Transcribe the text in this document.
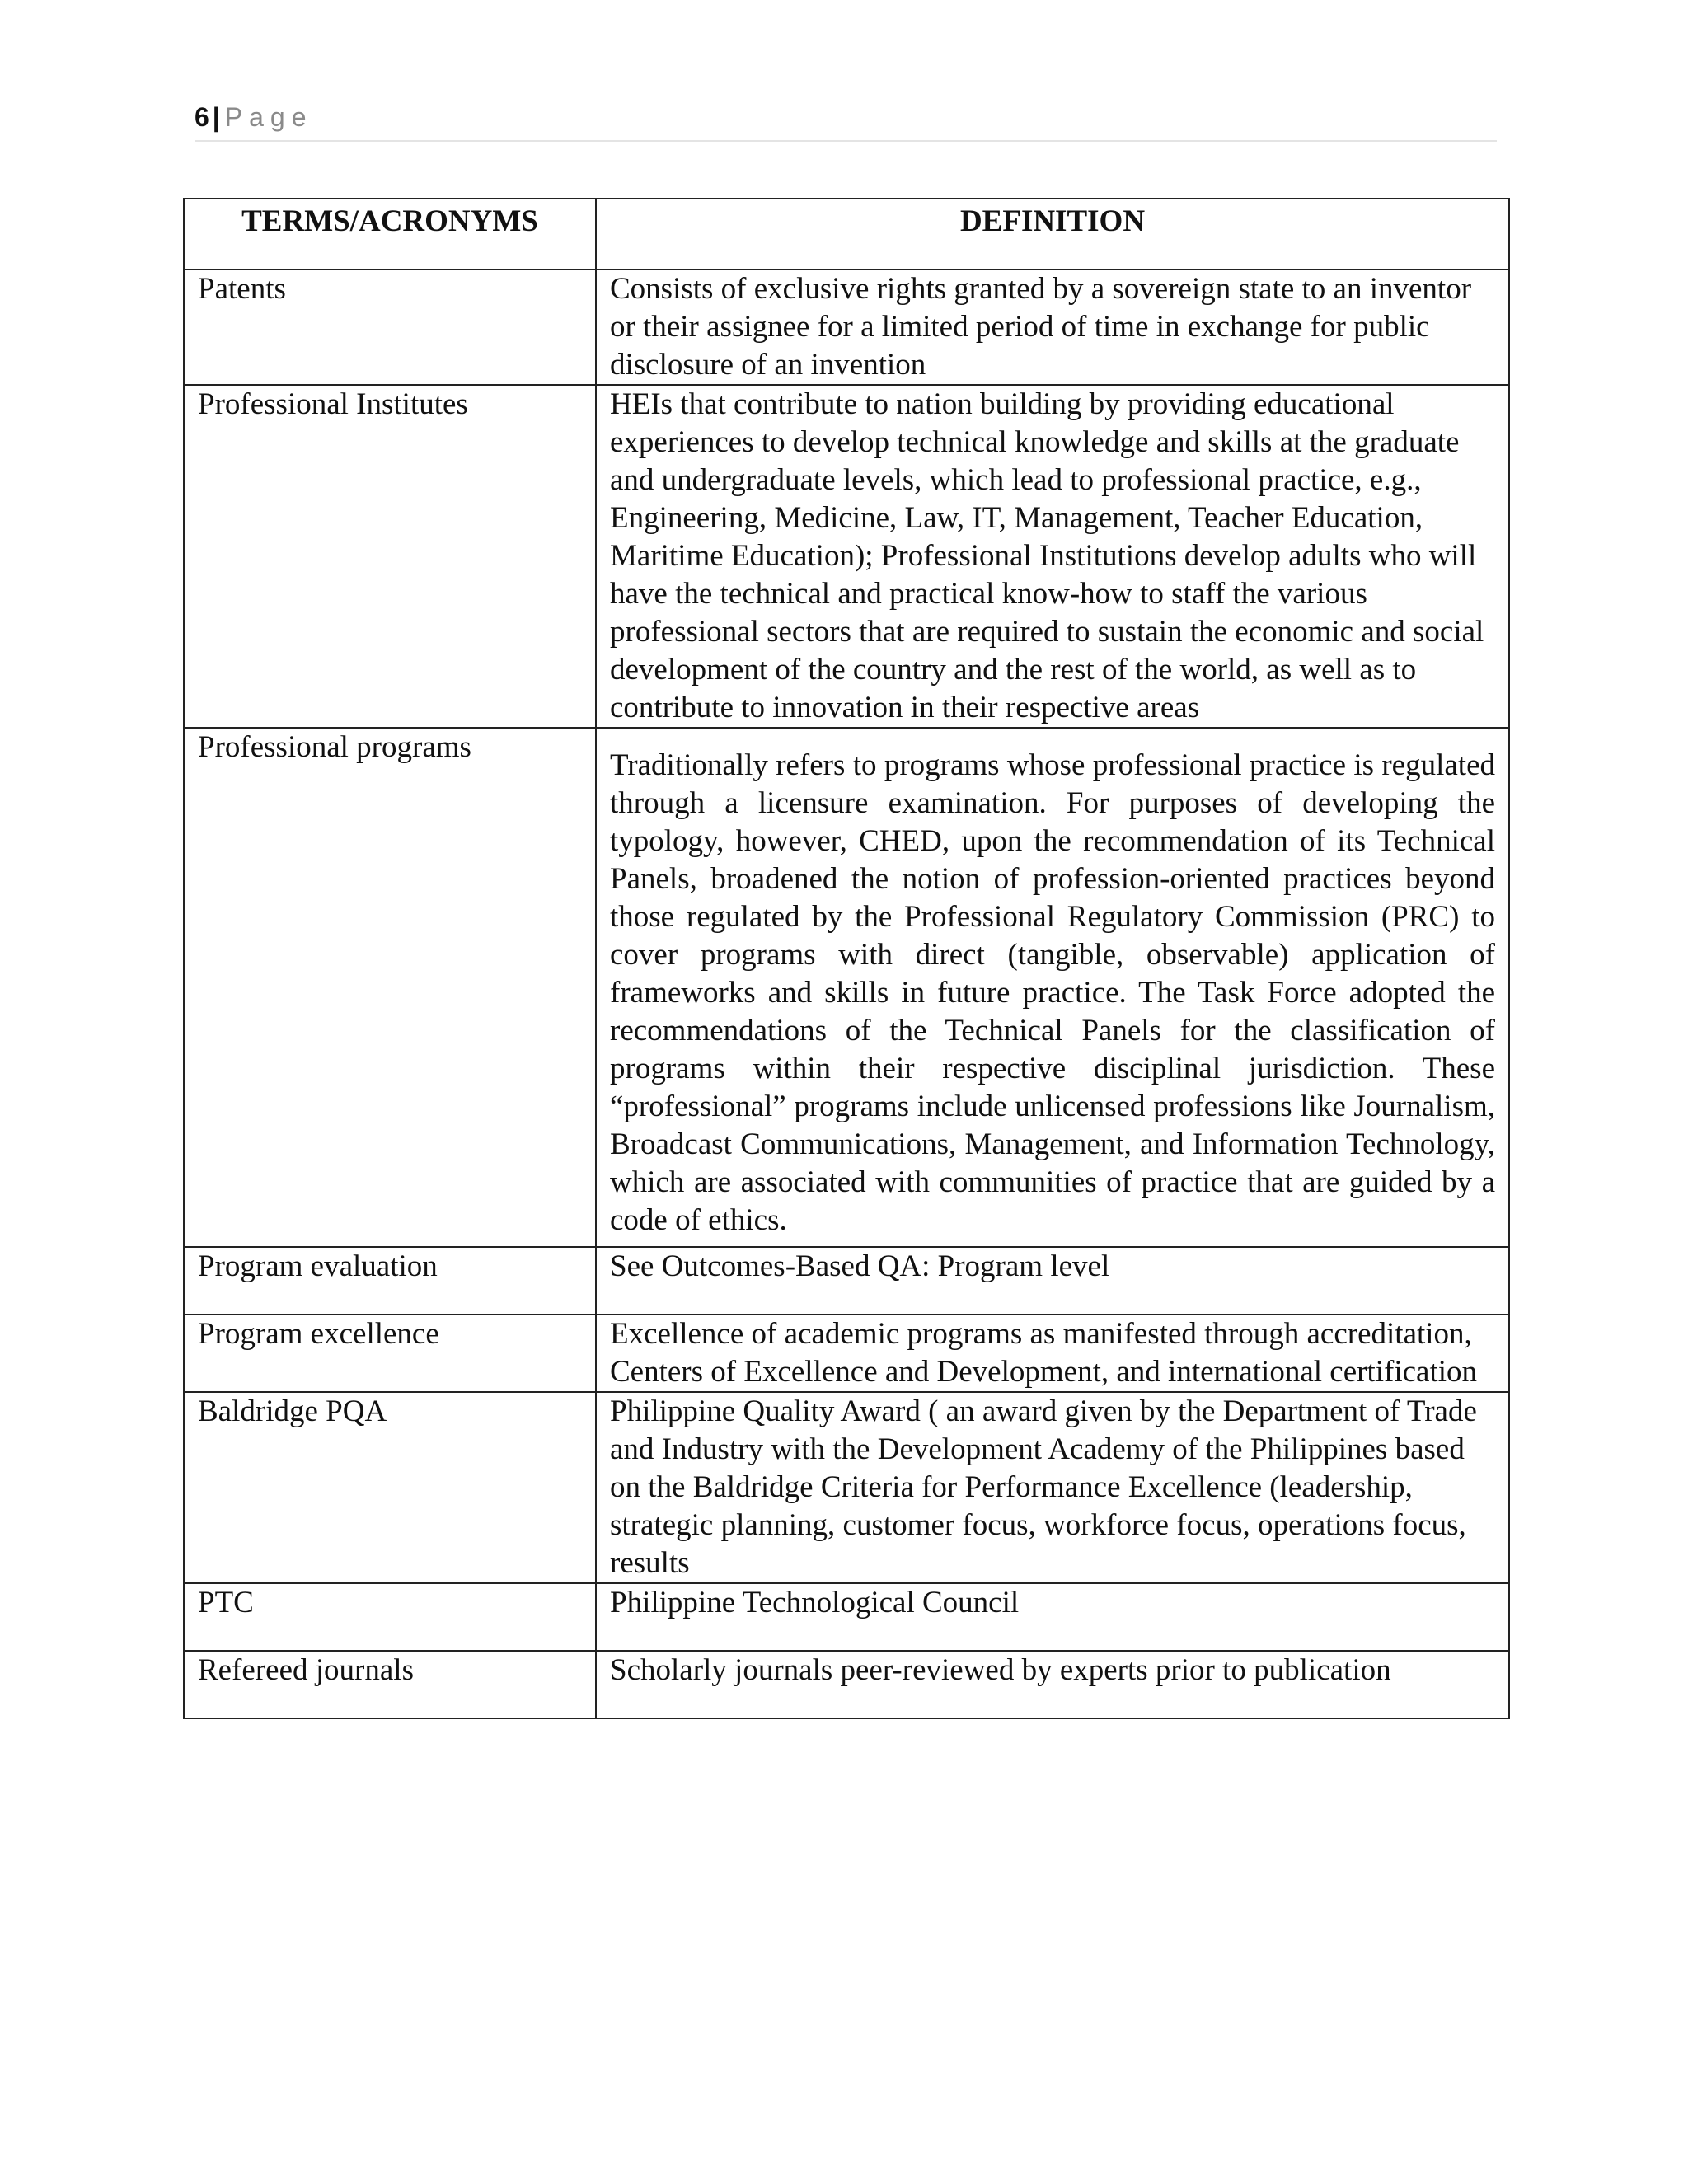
6 | Page
TERMS/ACRONYMS	DEFINITION
Patents	Consists of exclusive rights granted by a sovereign state to an inventor or their assignee for a limited period of time in exchange for public disclosure of an invention
Professional Institutes	HEIs that contribute to nation building by providing educational experiences to develop technical knowledge and skills at the graduate and undergraduate levels, which lead to professional practice, e.g., Engineering, Medicine, Law, IT, Management, Teacher Education, Maritime Education); Professional Institutions develop adults who will have the technical and practical know-how to staff the various professional sectors that are required to sustain the economic and social development of the country and the rest of the world, as well as to contribute to innovation in their respective areas
Professional programs	Traditionally refers to programs whose professional practice is regulated through a licensure examination. For purposes of developing the typology, however, CHED, upon the recommendation of its Technical Panels, broadened the notion of profession-oriented practices beyond those regulated by the Professional Regulatory Commission (PRC) to cover programs with direct (tangible, observable) application of frameworks and skills in future practice. The Task Force adopted the recommendations of the Technical Panels for the classification of programs within their respective disciplinal jurisdiction. These “professional” programs include unlicensed professions like Journalism, Broadcast Communications, Management, and Information Technology, which are associated with communities of practice that are guided by a code of ethics.
Program evaluation	See Outcomes-Based QA: Program level
Program excellence	Excellence of academic programs as manifested through accreditation, Centers of Excellence and Development, and international certification
Baldridge PQA	Philippine Quality Award ( an award given by the Department of Trade and Industry with the Development Academy of the Philippines based on the Baldridge Criteria for Performance Excellence (leadership, strategic planning, customer focus, workforce focus, operations focus, results
PTC	Philippine Technological Council
Refereed journals	Scholarly journals peer-reviewed by experts prior to publication
